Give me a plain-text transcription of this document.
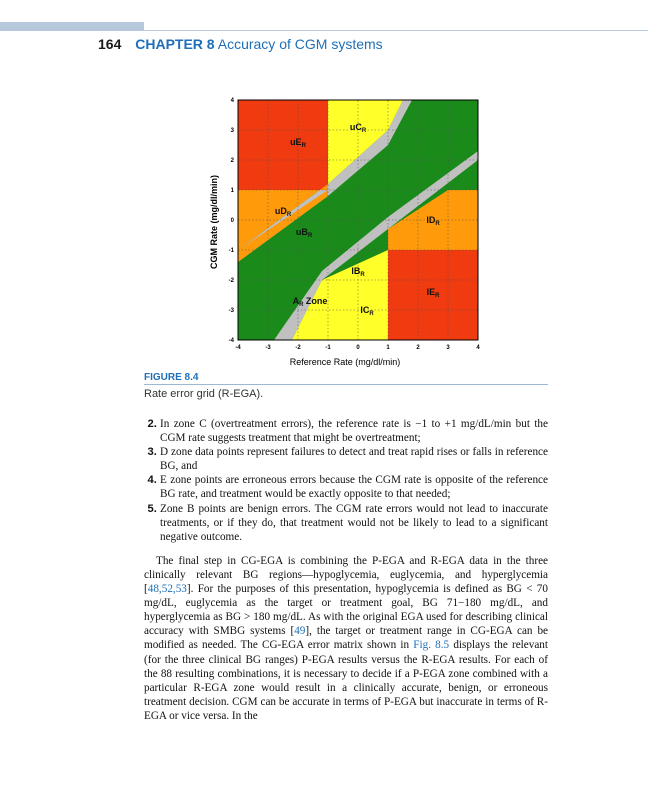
164 CHAPTER 8 Accuracy of CGM systems
$uE_R$
$uC_R$
$uD_R$
$uB_R$
$lB_R$
$lD_R$
$lE_R$
$lC_R$
$A_R$ Zone
-4	-3	-2	-1	0	1	2	3	4
4
3
2
1
0
-1
-2
-3
-4
Reference Rate (mg/dl/min)
CGM Rate (mg/dl/min)
FIGURE 8.4
Rate error grid (R-EGA).
2. In zone C (overtreatment errors), the reference rate is −1 to +1 mg/dL/min but the CGM rate suggests treatment that might be overtreatment;
3. D zone data points represent failures to detect and treat rapid rises or falls in reference BG, and
4. E zone points are erroneous errors because the CGM rate is opposite of the reference BG rate, and treatment would be exactly opposite to that needed;
5. Zone B points are benign errors. The CGM rate errors would not lead to inaccurate treatments, or if they do, that treatment would not be likely to lead to a significant negative outcome.

The final step in CG-EGA is combining the P-EGA and R-EGA data in the three clinically relevant BG regions—hypoglycemia, euglycemia, and hyperglycemia [48,52,53]. For the purposes of this presentation, hypoglycemia is defined as BG < 70 mg/dL, euglycemia as the target or treatment goal, BG 71−180 mg/dL, and hyperglycemia as BG > 180 mg/dL. As with the original EGA used for describing clinical accuracy with SMBG systems [49], the target or treatment range in CG-EGA can be modified as needed. The CG-EGA error matrix shown in Fig. 8.5 displays the relevant (for the three clinical BG ranges) P-EGA results versus the R-EGA results. For each of the 88 resulting combinations, it is necessary to decide if a P-EGA zone combined with a particular R-EGA zone would result in a clinically accurate, benign, or erroneous treatment decision. CGM can be accurate in terms of P-EGA but inaccurate in terms of R-EGA or vice versa. In the
